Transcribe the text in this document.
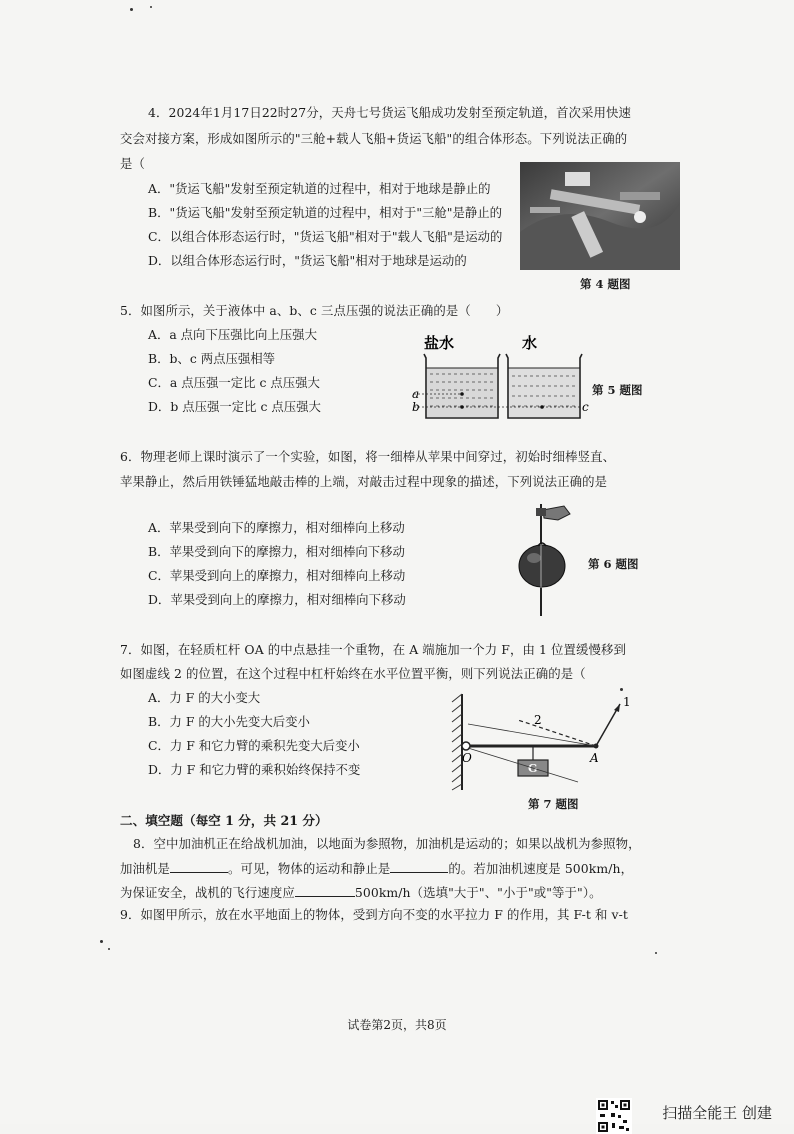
4．2024年1月17日22时27分，天舟七号货运飞船成功发射至预定轨道，首次采用快速
交会对接方案，形成如图所示的"三舱+载人飞船+货运飞船"的组合体形态。下列说法正确的
是（
A．"货运飞船"发射至预定轨道的过程中，相对于地球是静止的
B．"货运飞船"发射至预定轨道的过程中，相对于"三舱"是静止的
C．以组合体形态运行时，"货运飞船"相对于"载人飞船"是运动的
D．以组合体形态运行时，"货运飞船"相对于地球是运动的
第 4 题图
5．如图所示，关于液体中 a、b、c 三点压强的说法正确的是（　　）
A．a 点向下压强比向上压强大
B．b、c 两点压强相等
C．a 点压强一定比 c 点压强大
D．b 点压强一定比 c 点压强大
盐水	水
a
b	c
第 5 题图
6．物理老师上课时演示了一个实验，如图，将一细棒从苹果中间穿过，初始时细棒竖直、
苹果静止，然后用铁锤猛地敲击棒的上端，对敲击过程中现象的描述，下列说法正确的是
A．苹果受到向下的摩擦力，相对细棒向上移动
B．苹果受到向下的摩擦力，相对细棒向下移动
C．苹果受到向上的摩擦力，相对细棒向上移动
D．苹果受到向上的摩擦力，相对细棒向下移动
第 6 题图
7．如图，在轻质杠杆 OA 的中点悬挂一个重物，在 A 端施加一个力 F，由 1 位置缓慢移到
如图虚线 2 的位置，在这个过程中杠杆始终在水平位置平衡，则下列说法正确的是（
A．力 F 的大小变大
B．力 F 的大小先变大后变小
C．力 F 和它力臂的乘积先变大后变小
D．力 F 和它力臂的乘积始终保持不变	G
1
2
O	A
第 7 题图
二、填空题（每空 1 分，共 21 分）
8．空中加油机正在给战机加油，以地面为参照物，加油机是运动的；如果以战机为参照物，
加油机是	。可见，物体的运动和静止是	的。若加油机速度是 500km/h，
为保证安全，战机的飞行速度应	500km/h（选填"大于"、"小于"或"等于"）。
9．如图甲所示，放在水平地面上的物体，受到方向不变的水平拉力 F 的作用，其 F-t 和 v-t
试卷第2页，共8页
扫描全能王 创建
